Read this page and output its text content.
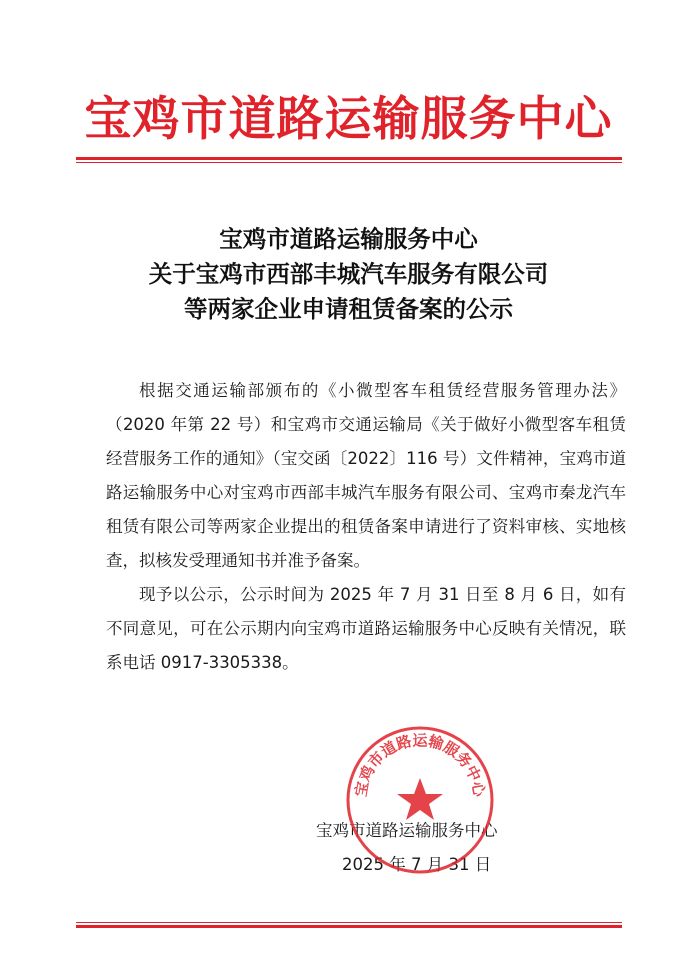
宝鸡市道路运输服务中心
宝鸡市道路运输服务中心
关于宝鸡市西部丰城汽车服务有限公司
等两家企业申请租赁备案的公示

根据交通运输部颁布的《小微型客车租赁经营服务管理办法》（2020 年第 22 号）和宝鸡市交通运输局《关于做好小微型客车租赁经营服务工作的通知》（宝交函〔2022〕116 号）文件精神，宝鸡市道路运输服务中心对宝鸡市西部丰城汽车服务有限公司、宝鸡市秦龙汽车租赁有限公司等两家企业提出的租赁备案申请进行了资料审核、实地核查，拟核发受理通知书并准予备案。

现予以公示，公示时间为 2025 年 7 月 31 日至 8 月 6 日，如有不同意见，可在公示期内向宝鸡市道路运输服务中心反映有关情况，联系电话 0917-3305338。

宝鸡市道路运输服务中心
2025 年 7 月 31 日
宝鸡市道路运输服务中心
